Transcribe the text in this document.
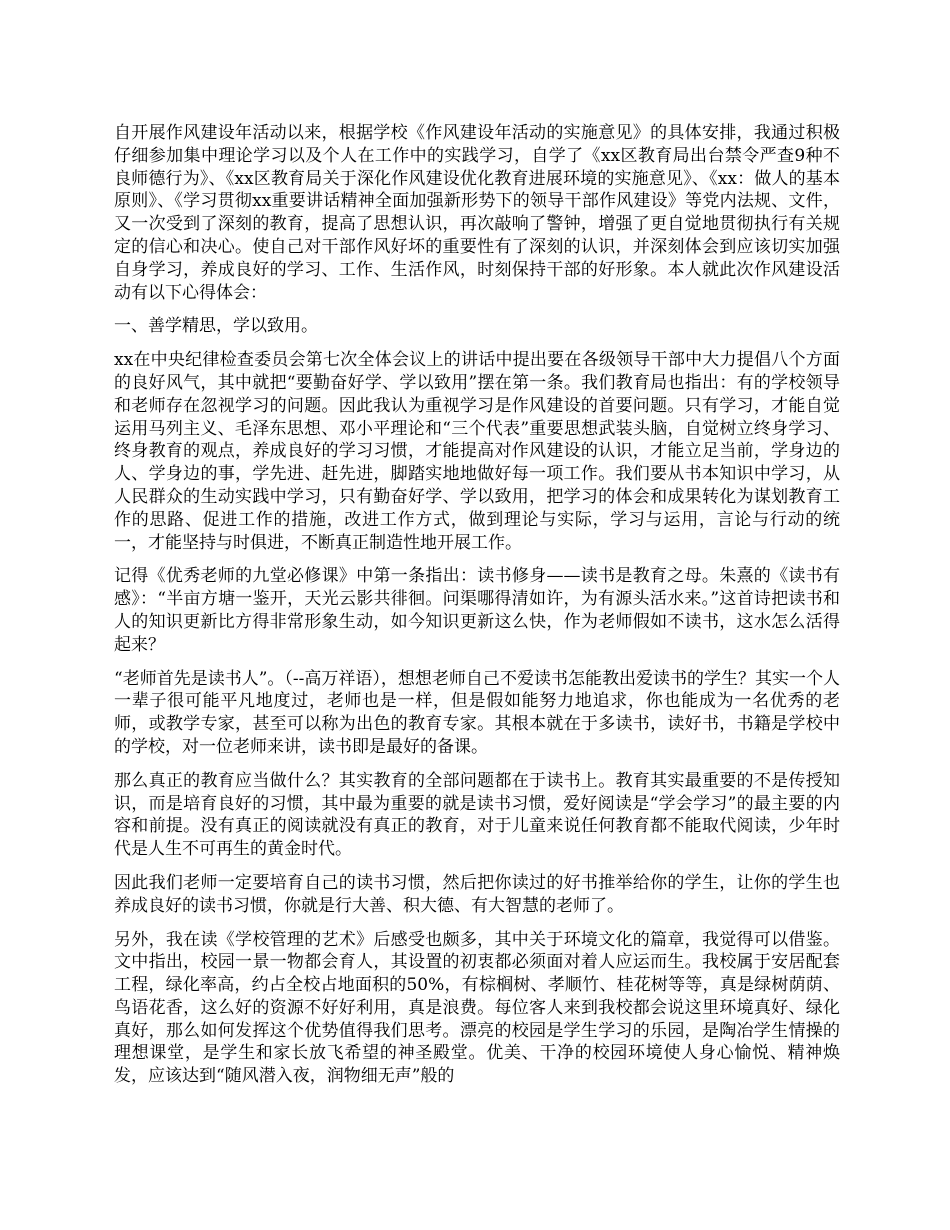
自开展作风建设年活动以来，根据学校《作风建设年活动的实施意见》的具体安排，我通过积极仔细参加集中理论学习以及个人在工作中的实践学习，自学了《xx区教育局出台禁令严查9种不良师德行为》、《xx区教育局关于深化作风建设优化教育进展环境的实施意见》、《xx：做人的基本原则》、《学习贯彻xx重要讲话精神全面加强新形势下的领导干部作风建设》等党内法规、文件，又一次受到了深刻的教育，提高了思想认识，再次敲响了警钟，增强了更自觉地贯彻执行有关规定的信心和决心。使自己对干部作风好坏的重要性有了深刻的认识，并深刻体会到应该切实加强自身学习，养成良好的学习、工作、生活作风，时刻保持干部的好形象。本人就此次作风建设活动有以下心得体会：

一、善学精思，学以致用。

xx在中央纪律检查委员会第七次全体会议上的讲话中提出要在各级领导干部中大力提倡八个方面的良好风气，其中就把“要勤奋好学、学以致用”摆在第一条。我们教育局也指出：有的学校领导和老师存在忽视学习的问题。因此我认为重视学习是作风建设的首要问题。只有学习，才能自觉运用马列主义、毛泽东思想、邓小平理论和“三个代表”重要思想武装头脑，自觉树立终身学习、终身教育的观点，养成良好的学习习惯，才能提高对作风建设的认识，才能立足当前，学身边的人、学身边的事，学先进、赶先进，脚踏实地地做好每一项工作。我们要从书本知识中学习，从人民群众的生动实践中学习，只有勤奋好学、学以致用，把学习的体会和成果转化为谋划教育工作的思路、促进工作的措施，改进工作方式，做到理论与实际，学习与运用，言论与行动的统一，才能坚持与时俱进，不断真正制造性地开展工作。

记得《优秀老师的九堂必修课》中第一条指出：读书修身——读书是教育之母。朱熹的《读书有感》：“半亩方塘一鉴开，天光云影共徘徊。问渠哪得清如许，为有源头活水来。”这首诗把读书和人的知识更新比方得非常形象生动，如今知识更新这么快，作为老师假如不读书，这水怎么活得起来？

“老师首先是读书人”。（--高万祥语），想想老师自己不爱读书怎能教出爱读书的学生？其实一个人一辈子很可能平凡地度过，老师也是一样，但是假如能努力地追求，你也能成为一名优秀的老师，或教学专家，甚至可以称为出色的教育专家。其根本就在于多读书，读好书，书籍是学校中的学校，对一位老师来讲，读书即是最好的备课。

那么真正的教育应当做什么？其实教育的全部问题都在于读书上。教育其实最重要的不是传授知识，而是培育良好的习惯，其中最为重要的就是读书习惯，爱好阅读是“学会学习”的最主要的内容和前提。没有真正的阅读就没有真正的教育，对于儿童来说任何教育都不能取代阅读，少年时代是人生不可再生的黄金时代。

因此我们老师一定要培育自己的读书习惯，然后把你读过的好书推举给你的学生，让你的学生也养成良好的读书习惯，你就是行大善、积大德、有大智慧的老师了。

另外，我在读《学校管理的艺术》后感受也颇多，其中关于环境文化的篇章，我觉得可以借鉴。文中指出，校园一景一物都会育人，其设置的初衷都必须面对着人应运而生。我校属于安居配套工程，绿化率高，约占全校占地面积的50%，有棕榈树、孝顺竹、桂花树等等，真是绿树荫荫、鸟语花香，这么好的资源不好好利用，真是浪费。每位客人来到我校都会说这里环境真好、绿化真好，那么如何发挥这个优势值得我们思考。漂亮的校园是学生学习的乐园，是陶冶学生情操的理想课堂，是学生和家长放飞希望的神圣殿堂。优美、干净的校园环境使人身心愉悦、精神焕发，应该达到“随风潜入夜，润物细无声”般的
